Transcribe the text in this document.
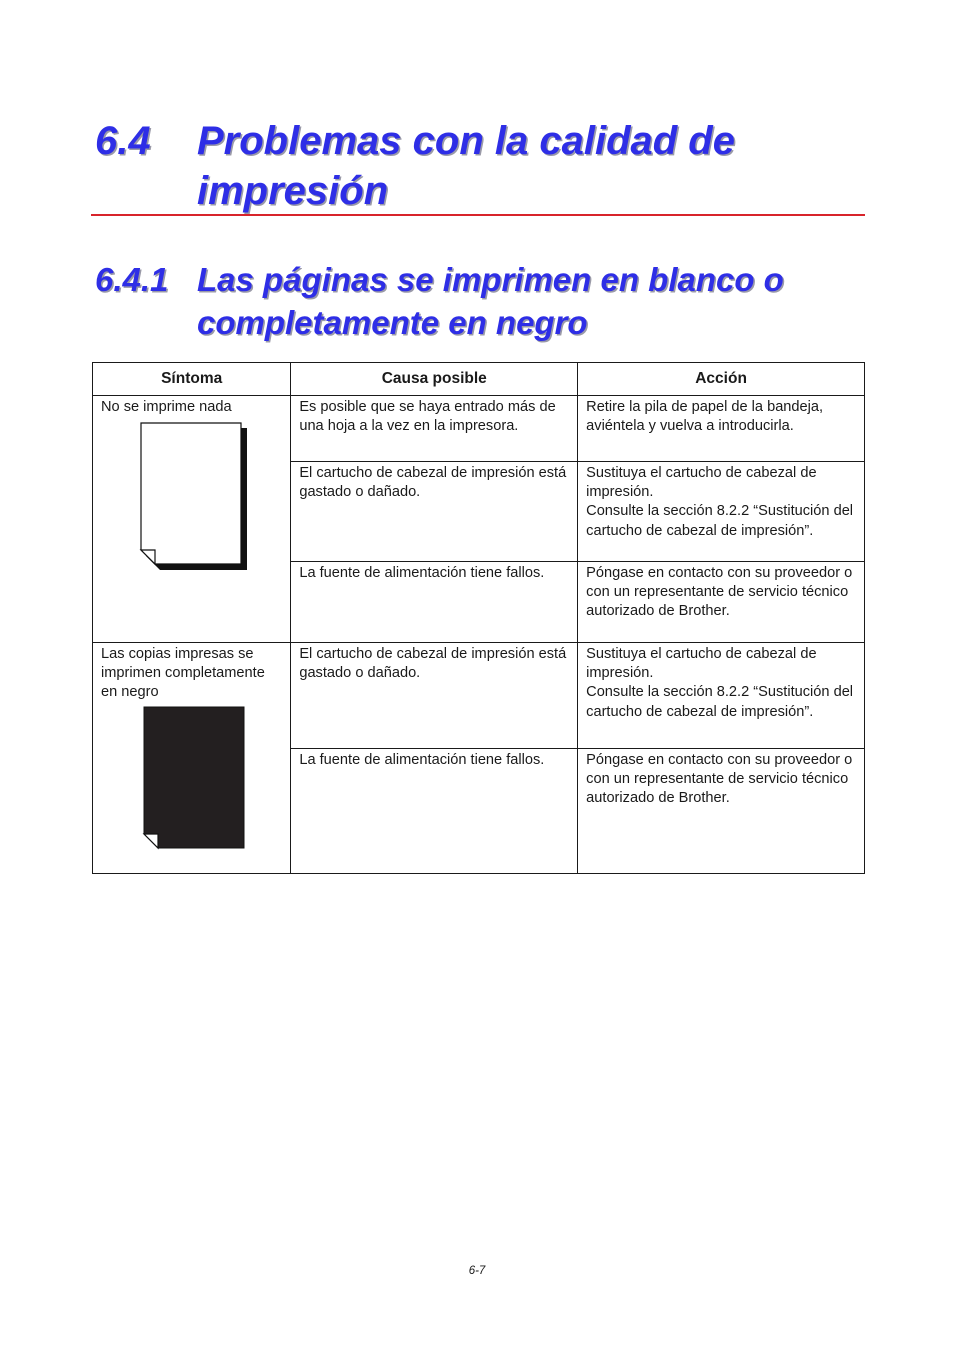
6.4 Problemas con la calidad de
impresión
6.4.1 Las páginas se imprimen en blanco o
completamente en negro
Síntoma	Causa posible	Acción

No se imprime nada	Es posible que se haya entrado más de una hoja a la vez en la impresora.	Retire la pila de papel de la bandeja, aviéntela y vuelva a introducirla.
	El cartucho de cabezal de impresión está gastado o dañado.	Sustituya el cartucho de cabezal de impresión.
Consulte la sección 8.2.2 “Sustitución del cartucho de cabezal de impresión”.

	La fuente de alimentación tiene fallos.	Póngase en contacto con su proveedor o con un representante de servicio técnico autorizado de Brother.

Las copias impresas se imprimen completamente en negro	El cartucho de cabezal de impresión está gastado o dañado.	Sustituya el cartucho de cabezal de impresión.
Consulte la sección 8.2.2 “Sustitución del cartucho de cabezal de impresión”.

	La fuente de alimentación tiene fallos.	Póngase en contacto con su proveedor o con un representante de servicio técnico autorizado de Brother.
6-7
